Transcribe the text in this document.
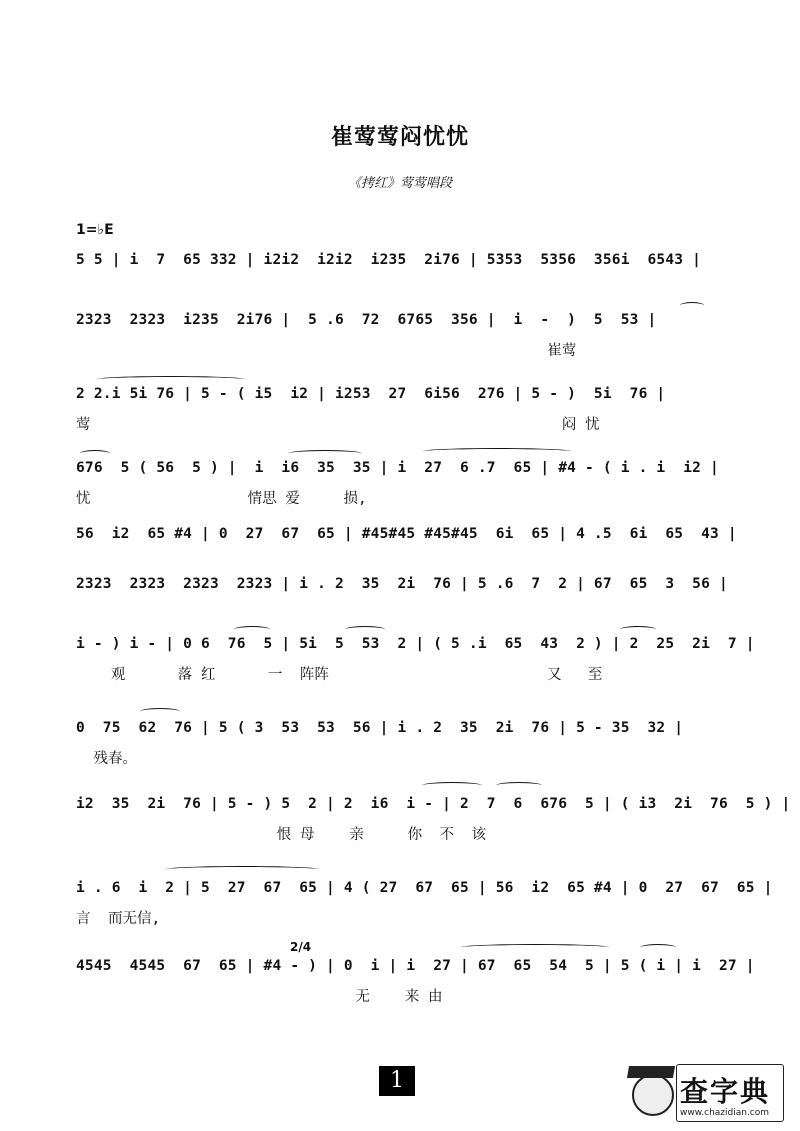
崔莺莺闷忧忧
《拷红》莺莺唱段
1=♭E
5 5 | i  7  65 332 | i2i2  i2i2  i235  2i76 | 5353  5356  356i  6543 |
2323  2323  i235  2i76 |  5 .6  72  6765  356 |  i  -  )  5  53 |
崔莺
2 2.i 5i 76 | 5 - ( i5  i2 | i253  27  6i56  276 | 5 - )  5i  76 |
莺                                                      闷 忧
676  5 ( 56  5 ) |  i  i6  35  35 | i  27  6 .7  65 | #4 - ( i . i  i2 |
忧                  情思 爱     损,
56  i2  65 #4 | 0  27  67  65 | #45#45 #45#45  6i  65 | 4 .5  6i  65  43 |
2323  2323  2323  2323 | i . 2  35  2i  76 | 5 .6  7  2 | 67  65  3  56 |
i - ) i - | 0 6  76  5 | 5i  5  53  2 | ( 5 .i  65  43  2 ) | 2  25  2i  7 |
观      落 红      一  阵阵                         又   至
0  75  62  76 | 5 ( 3  53  53  56 | i . 2  35  2i  76 | 5 - 35  32 |
残春。
i2  35  2i  76 | 5 - ) 5  2 | 2  i6  i - | 2  7  6  676  5 | ( i3  2i  76  5 ) |
恨 母    亲     你  不  该
i . 6  i  2 | 5  27  67  65 | 4 ( 27  67  65 | 56  i2  65 #4 | 0  27  67  65 |
言  而无信,
4545  4545  67  65 | #4 - ) | 0  i | i  27 | 67  65  54  5 | 5 ( i | i  27 |
无    来 由
2/4
1	查字典
www.chazidian.com
